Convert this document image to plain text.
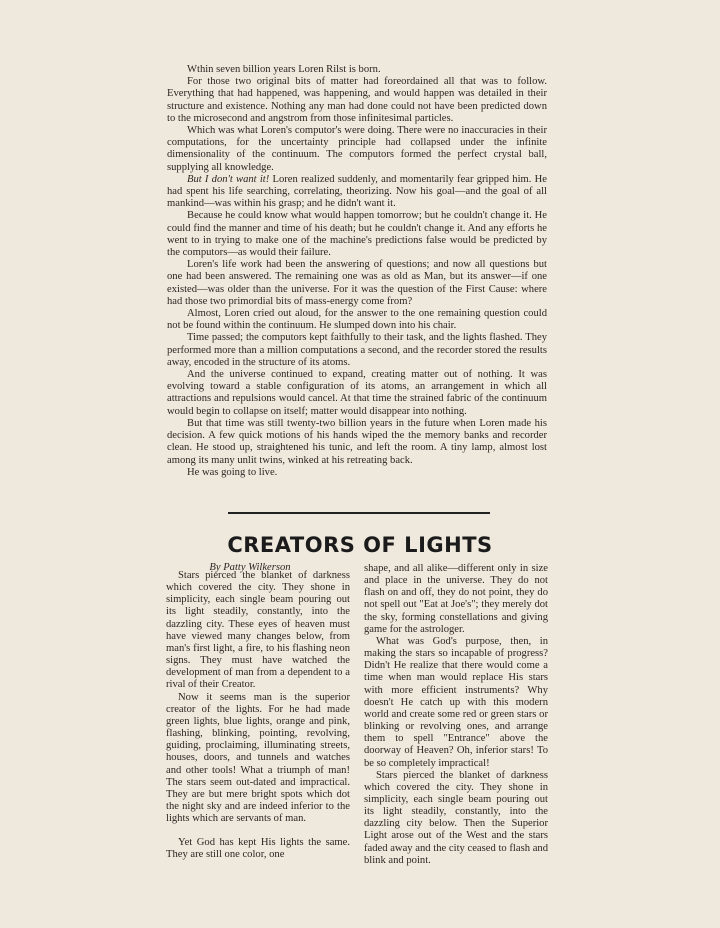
Wthin seven billion years Loren Rilst is born.

For those two original bits of matter had foreordained all that was to follow. Everything that had happened, was happening, and would happen was detailed in their structure and existence. Nothing any man had done could not have been predicted down to the microsecond and angstrom from those infinitesimal particles.

Which was what Loren's computor's were doing. There were no inaccuracies in their computations, for the uncertainty principle had collapsed under the infinite dimensionality of the continuum. The computors formed the perfect crystal ball, supplying all knowledge.

But I don't want it! Loren realized suddenly, and momentarily fear gripped him. He had spent his life searching, correlating, theorizing. Now his goal—and the goal of all mankind—was within his grasp; and he didn't want it.

Because he could know what would happen tomorrow; but he couldn't change it. He could find the manner and time of his death; but he couldn't change it. And any efforts he went to in trying to make one of the machine's predictions false would be predicted by the computors—as would their failure.

Loren's life work had been the answering of questions; and now all questions but one had been answered. The remaining one was as old as Man, but its answer—if one existed—was older than the universe. For it was the question of the First Cause: where had those two primordial bits of mass-energy come from?

Almost, Loren cried out aloud, for the answer to the one remaining question could not be found within the continuum. He slumped down into his chair.

Time passed; the computors kept faithfully to their task, and the lights flashed. They performed more than a million computations a second, and the recorder stored the results away, encoded in the structure of its atoms.

And the universe continued to expand, creating matter out of nothing. It was evolving toward a stable configuration of its atoms, an arrangement in which all attractions and repulsions would cancel. At that time the strained fabric of the continuum would begin to collapse on itself; matter would disappear into nothing.

But that time was still twenty-two billion years in the future when Loren made his decision. A few quick motions of his hands wiped the the memory banks and recorder clean. He stood up, straightened his tunic, and left the room. A tiny lamp, almost lost among its many unlit twins, winked at his retreating back.

He was going to live.

CREATORS OF LIGHTS
By Patty Wilkerson

Stars pierced the blanket of darkness which covered the city. They shone in simplicity, each single beam pouring out its light steadily, constantly, into the dazzling city. These eyes of heaven must have viewed many changes below, from man's first light, a fire, to his flashing neon signs. They must have watched the development of man from a dependent to a rival of their Creator.

Now it seems man is the superior creator of the lights. For he had made green lights, blue lights, orange and pink, flashing, blinking, pointing, revolving, guiding, proclaiming, illuminating streets, houses, doors, and tunnels and watches and other tools! What a triumph of man! The stars seem out-dated and impractical. They are but mere bright spots which dot the night sky and are indeed inferior to the lights which are servants of man.

Yet God has kept His lights the same. They are still one color, one

shape, and all alike—different only in size and place in the universe. They do not flash on and off, they do not point, they do not spell out "Eat at Joe's"; they merely dot the sky, forming constellations and giving game for the astrologer.

What was God's purpose, then, in making the stars so incapable of progress? Didn't He realize that there would come a time when man would replace His stars with more efficient instruments? Why doesn't He catch up with this modern world and create some red or green stars or blinking or revolving ones, and arrange them to spell "Entrance" above the doorway of Heaven? Oh, inferior stars! To be so completely impractical!

Stars pierced the blanket of darkness which covered the city. They shone in simplicity, each single beam pouring out its light steadily, constantly, into the dazzling city below. Then the Superior Light arose out of the West and the stars faded away and the city ceased to flash and blink and point.
